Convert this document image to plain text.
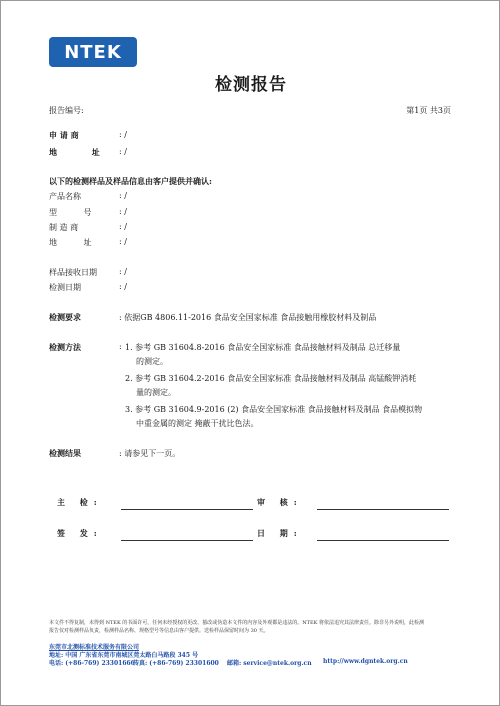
NTEK
检测报告
报告编号:	第1页 共3页
申 请 商	: /
地 址 : /
以下的检测样品及样品信息由客户提供并确认:
产品名称	: /
型 号 : /
制 造 商	: /
地 址 : /
样品接收日期	: /
检测日期	: /
检测要求	: 依据GB 4806.11-2016 食品安全国家标准 食品接触用橡胶材料及制品
检测方法	: 1. 参考 GB 31604.8-2016 食品安全国家标准 食品接触材料及制品 总迁移量
的测定。
2. 参考 GB 31604.2-2016 食品安全国家标准 食品接触材料及制品 高锰酸钾消耗
量的测定。
3. 参考 GB 31604.9-2016 (2) 食品安全国家标准 食品接触材料及制品 食品模拟物
中重金属的测定 掩蔽干扰比色法。
检测结果	: 请参见下一页。
主 检:	审 核:
签 发:	日 期:
本文件不得复制，未得到 NTEK 的书面许可，任何未经授权的更改、篡改或伪造本文件的内容及外观都是违法的。NTEK 将依法追究其法律责任。除非另外说明，此检测
报告仅对检测样品负责，检测样品名称、规格型号等信息由客户提供。送检样品保留时间为 30 天。
东莞市北测标准技术服务有限公司
地址: 中国 广东省东莞市南城区莞太路白马路段 345 号
电话: (+86-769) 23301666
传真: (+86-769) 23301600 邮箱: service@ntek.org.cn http://www.dgntek.org.cn
